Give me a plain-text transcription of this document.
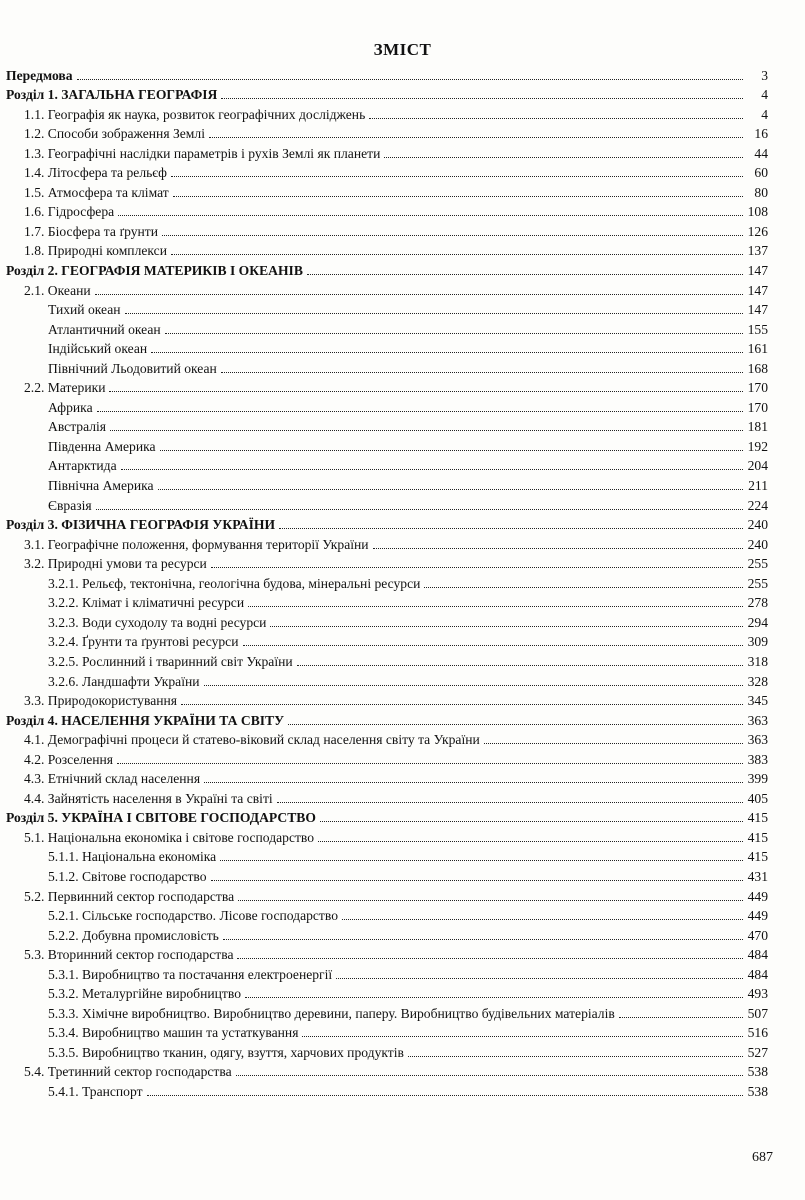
ЗМІСТ
Передмова	3
Розділ 1. ЗАГАЛЬНА ГЕОГРАФІЯ	4
1.1. Географія як наука, розвиток географічних досліджень	4
1.2. Способи зображення Землі	16
1.3. Географічні наслідки параметрів і рухів Землі як планети	44
1.4. Літосфера та рельєф	60
1.5. Атмосфера та клімат	80
1.6. Гідросфера	108
1.7. Біосфера та ґрунти	126
1.8. Природні комплекси	137
Розділ 2. ГЕОГРАФІЯ МАТЕРИКІВ І ОКЕАНІВ	147
2.1. Океани	147
Тихий океан	147
Атлантичний океан	155
Індійський океан	161
Північний Льодовитий океан	168
2.2. Материки	170
Африка	170
Австралія	181
Південна Америка	192
Антарктида	204
Північна Америка	211
Євразія	224
Розділ 3. ФІЗИЧНА ГЕОГРАФІЯ УКРАЇНИ	240
3.1. Географічне положення, формування території України	240
3.2. Природні умови та ресурси	255
3.2.1. Рельєф, тектонічна, геологічна будова, мінеральні ресурси	255
3.2.2. Клімат і кліматичні ресурси	278
3.2.3. Води суходолу та водні ресурси	294
3.2.4. Ґрунти та ґрунтові ресурси	309
3.2.5. Рослинний і тваринний світ України	318
3.2.6. Ландшафти України	328
3.3. Природокористування	345
Розділ 4. НАСЕЛЕННЯ УКРАЇНИ ТА СВІТУ	363
4.1. Демографічні процеси й статево-віковий склад населення світу та України	363
4.2. Розселення	383
4.3. Етнічний склад населення	399
4.4. Зайнятість населення в Україні та світі	405
Розділ 5. УКРАЇНА І СВІТОВЕ ГОСПОДАРСТВО	415
5.1. Національна економіка і світове господарство	415
5.1.1. Національна економіка	415
5.1.2. Світове господарство	431
5.2. Первинний сектор господарства	449
5.2.1. Сільське господарство. Лісове господарство	449
5.2.2. Добувна промисловість	470
5.3. Вторинний сектор господарства	484
5.3.1. Виробництво та постачання електроенергії	484
5.3.2. Металургійне виробництво	493
5.3.3. Хімічне виробництво. Виробництво деревини, паперу. Виробництво будівельних матеріалів	507
5.3.4. Виробництво машин та устаткування	516
5.3.5. Виробництво тканин, одягу, взуття, харчових продуктів	527
5.4. Третинний сектор господарства	538
5.4.1. Транспорт	538
687
